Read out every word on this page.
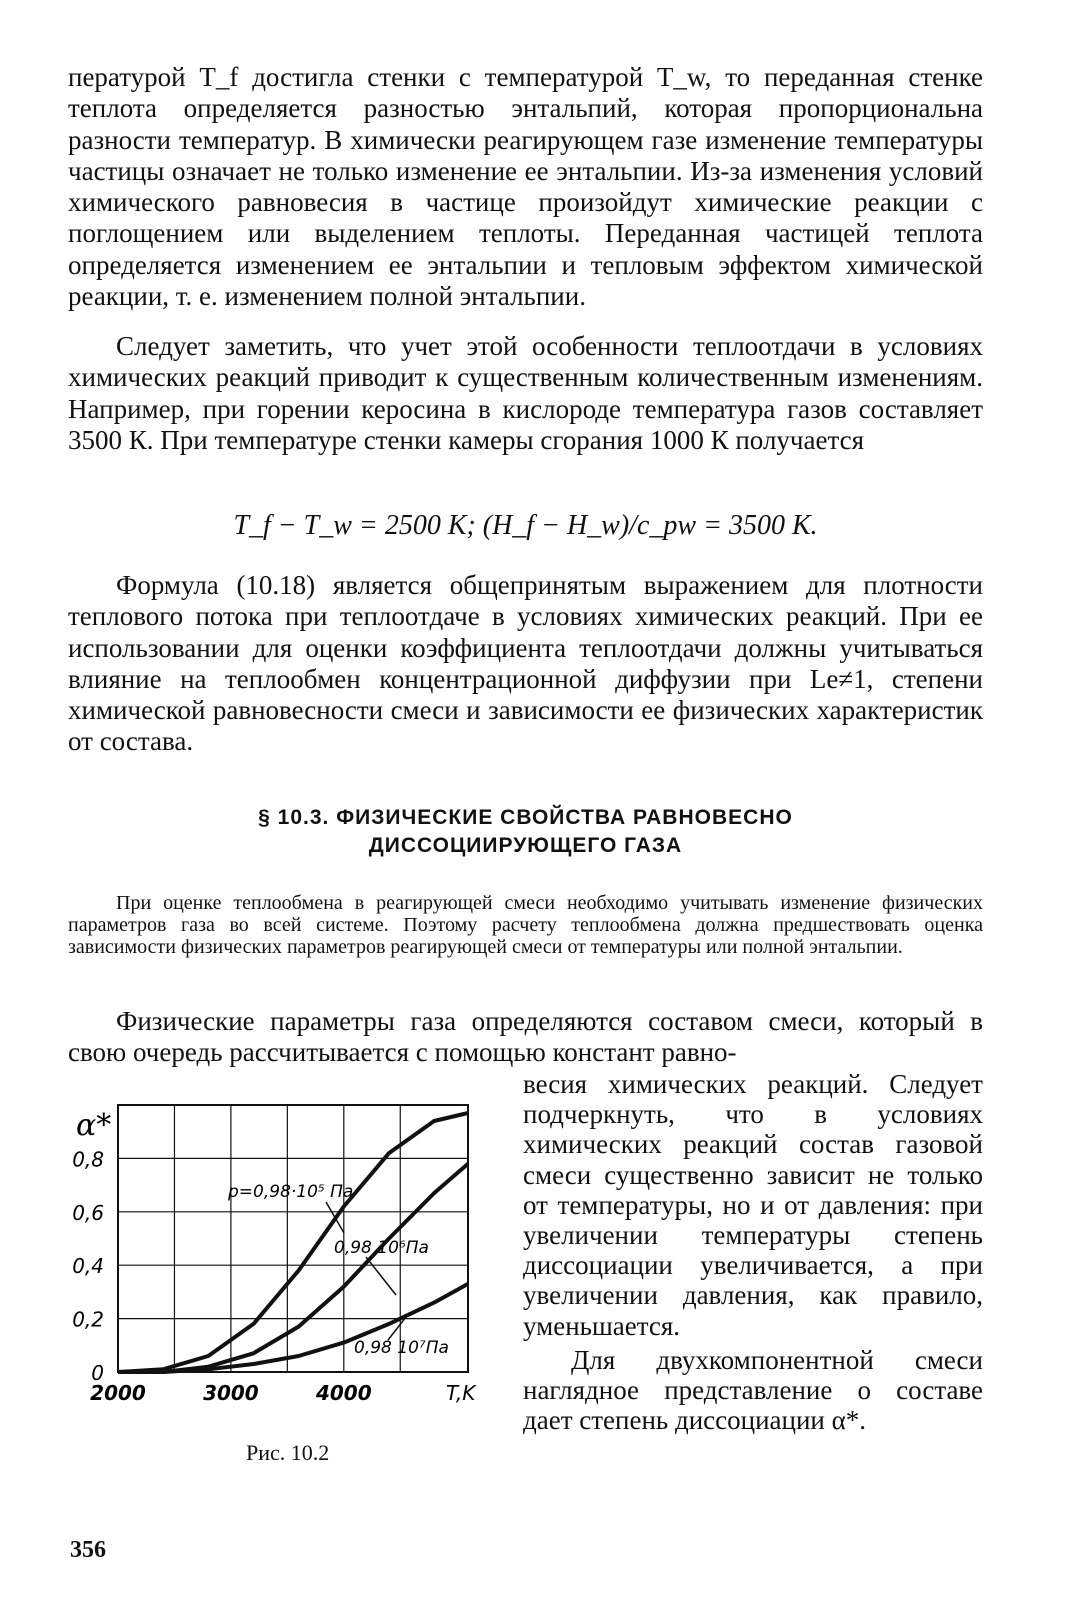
пературой T_f достигла стенки с температурой T_w, то переданная стенке теплота определяется разностью энтальпий, которая пропорциональна разности температур. В химически реагирующем газе изменение температуры частицы означает не только изменение ее энтальпии. Из-за изменения условий химического равновесия в частице произойдут химические реакции с поглощением или выделением теплоты. Переданная частицей теплота определяется изменением ее энтальпии и тепловым эффектом химической реакции, т. е. изменением полной энтальпии.

Следует заметить, что учет этой особенности теплоотдачи в условиях химических реакций приводит к существенным количественным изменениям. Например, при горении керосина в кислороде температура газов составляет 3500 К. При температуре стенки камеры сгорания 1000 К получается

T_f − T_w = 2500 К; (H_f − H_w)/c_pw = 3500 К.

Формула (10.18) является общепринятым выражением для плотности теплового потока при теплоотдаче в условиях химических реакций. При ее использовании для оценки коэффициента теплоотдачи должны учитываться влияние на теплообмен концентрационной диффузии при Le≠1, степени химической равновесности смеси и зависимости ее физических характеристик от состава.

§ 10.3. ФИЗИЧЕСКИЕ СВОЙСТВА РАВНОВЕСНО
ДИССОЦИИРУЮЩЕГО ГАЗА

При оценке теплообмена в реагирующей смеси необходимо учитывать изменение физических параметров газа во всей системе. Поэтому расчету теплообмена должна предшествовать оценка зависимости физических параметров реагирующей смеси от температуры или полной энтальпии.

Физические параметры газа определяются составом смеси, который в свою очередь рассчитывается с помощью констант равно-

весия химических реакций. Следует подчеркнуть, что в условиях химических реакций состав газовой смеси существенно зависит не только от температуры, но и от давления: при увеличении температуры степень диссоциации увеличивается, а при увеличении давления, как правило, уменьшается.

Для двухкомпонентной смеси наглядное представление о составе дает степень диссоциации α*.

0
0,2
0,4
0,6
0,8
2000	3000	4000	T,K
α*
p=0,98·10⁵ Па
0,98 10⁶Па
0,98 10⁷Па
Рис. 10.2
356
